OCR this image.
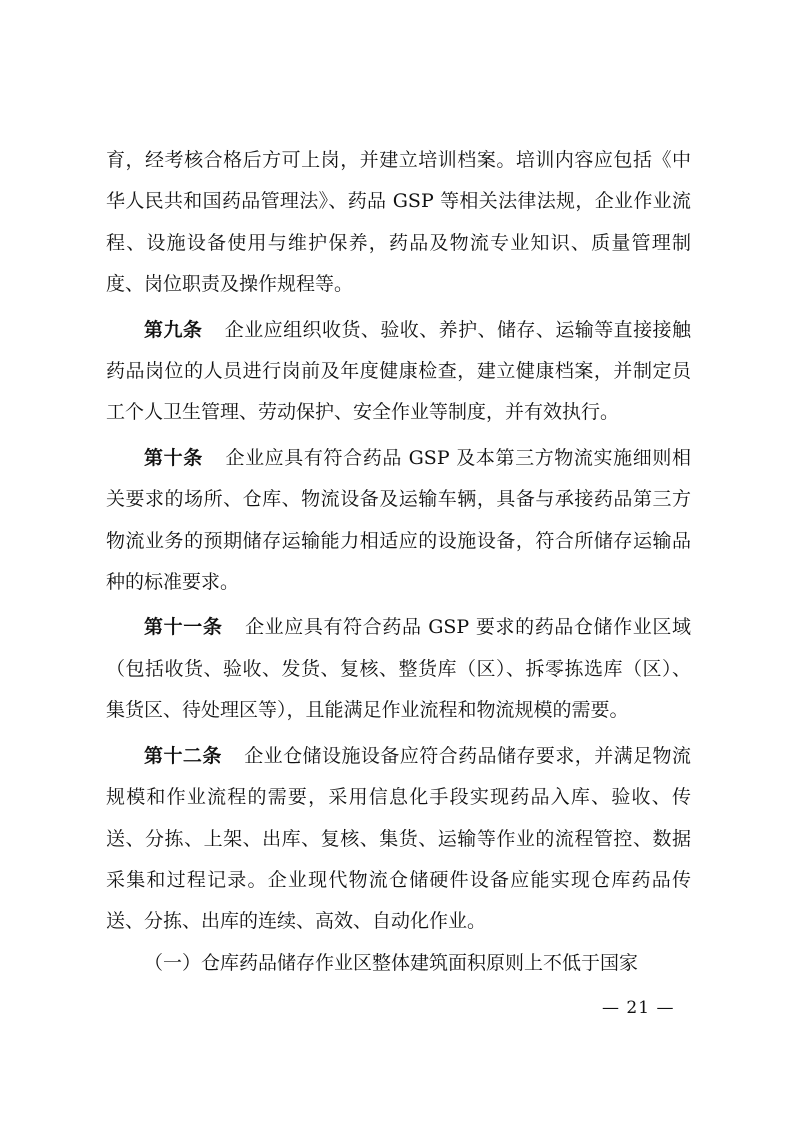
育，经考核合格后方可上岗，并建立培训档案。培训内容应包括《中华人民共和国药品管理法》、药品 GSP 等相关法律法规，企业作业流程、设施设备使用与维护保养，药品及物流专业知识、质量管理制度、岗位职责及操作规程等。

第九条 企业应组织收货、验收、养护、储存、运输等直接接触药品岗位的人员进行岗前及年度健康检查，建立健康档案，并制定员工个人卫生管理、劳动保护、安全作业等制度，并有效执行。

第十条 企业应具有符合药品 GSP 及本第三方物流实施细则相关要求的场所、仓库、物流设备及运输车辆，具备与承接药品第三方物流业务的预期储存运输能力相适应的设施设备，符合所储存运输品种的标准要求。

第十一条 企业应具有符合药品 GSP 要求的药品仓储作业区域（包括收货、验收、发货、复核、整货库（区）、拆零拣选库（区）、集货区、待处理区等），且能满足作业流程和物流规模的需要。

第十二条 企业仓储设施设备应符合药品储存要求，并满足物流规模和作业流程的需要，采用信息化手段实现药品入库、验收、传送、分拣、上架、出库、复核、集货、运输等作业的流程管控、数据采集和过程记录。企业现代物流仓储硬件设备应能实现仓库药品传送、分拣、出库的连续、高效、自动化作业。

（一）仓库药品储存作业区整体建筑面积原则上不低于国家

— 21 —
